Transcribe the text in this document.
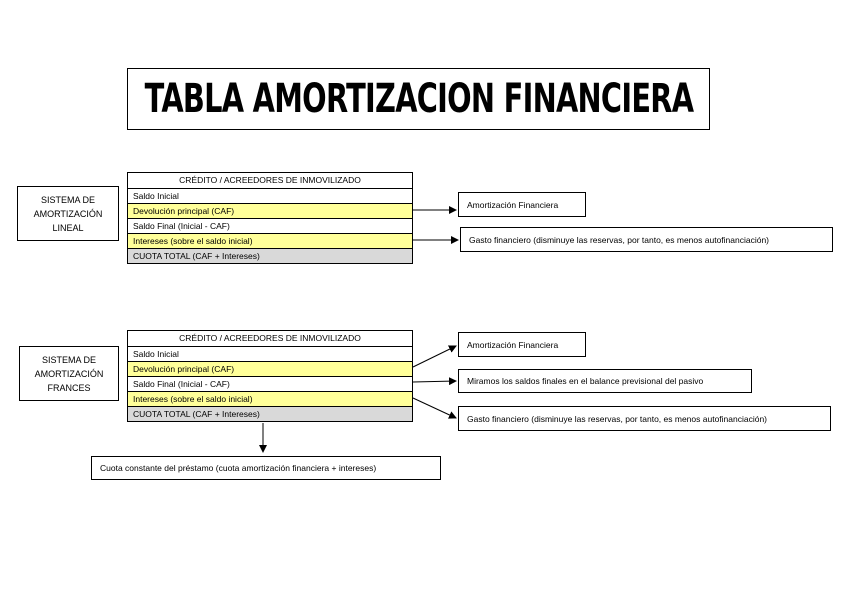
TABLA AMORTIZACION FINANCIERA
SISTEMA DE
AMORTIZACIÓN
LINEAL
CRÉDITO / ACREEDORES DE INMOVILIZADO
Saldo Inicial
Devolución principal (CAF)
Saldo Final (Inicial - CAF)
Intereses (sobre el saldo inicial)
CUOTA TOTAL (CAF + Intereses)
Amortización Financiera
Gasto financiero (disminuye las reservas, por tanto, es menos autofinanciación)
SISTEMA DE
AMORTIZACIÓN
FRANCES
CRÉDITO / ACREEDORES DE INMOVILIZADO
Saldo Inicial
Devolución principal (CAF)
Saldo Final (Inicial - CAF)
Intereses (sobre el saldo inicial)
CUOTA TOTAL (CAF + Intereses)
Amortización Financiera
Miramos los saldos finales en el balance previsional del pasivo
Gasto financiero (disminuye las reservas, por tanto, es menos autofinanciación)
Cuota constante del préstamo (cuota amortización financiera + intereses)
